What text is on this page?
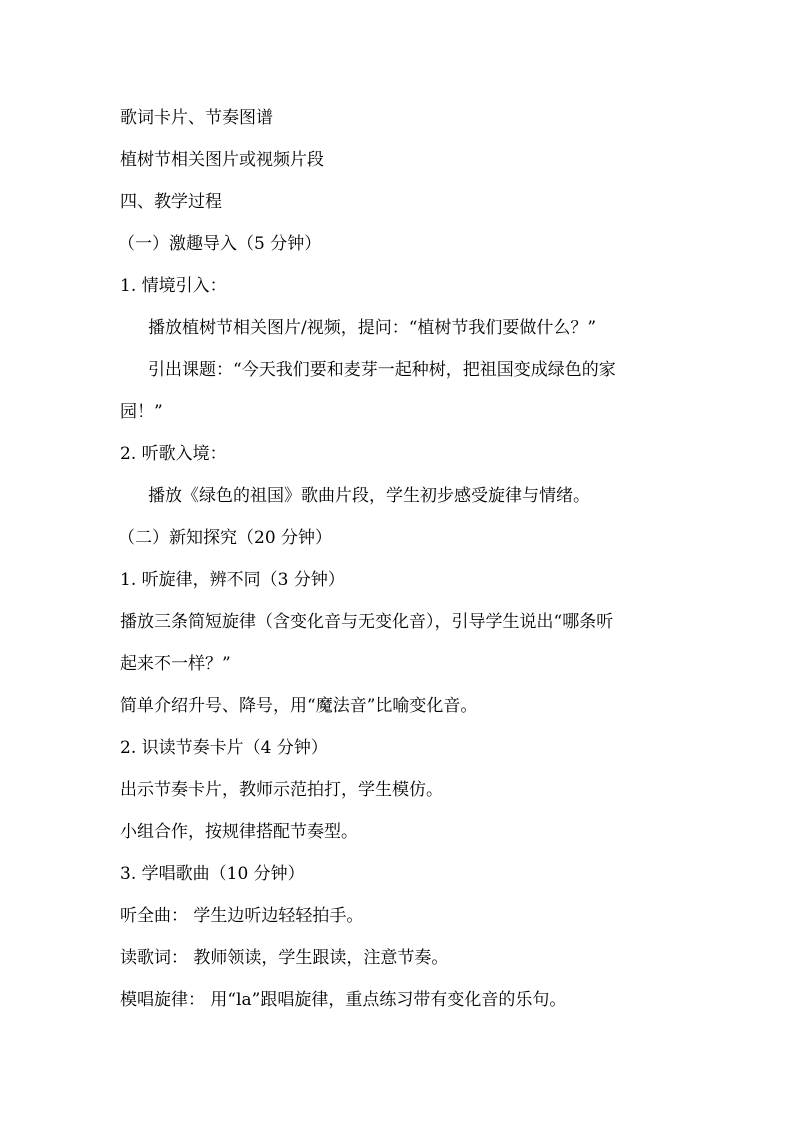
歌词卡片、节奏图谱
植树节相关图片或视频片段
四、教学过程
（一）激趣导入（5 分钟）
1. 情境引入：
播放植树节相关图片/视频，提问：“植树节我们要做什么？”
引出课题：“今天我们要和麦芽一起种树，把祖国变成绿色的家
园！”
2. 听歌入境：
播放《绿色的祖国》歌曲片段，学生初步感受旋律与情绪。
（二）新知探究（20 分钟）
1. 听旋律，辨不同（3 分钟）
播放三条简短旋律（含变化音与无变化音），引导学生说出“哪条听
起来不一样？”
简单介绍升号、降号，用“魔法音”比喻变化音。
2. 识读节奏卡片（4 分钟）
出示节奏卡片，教师示范拍打，学生模仿。
小组合作，按规律搭配节奏型。
3. 学唱歌曲（10 分钟）
听全曲： 学生边听边轻轻拍手。
读歌词： 教师领读，学生跟读，注意节奏。
模唱旋律： 用“la”跟唱旋律，重点练习带有变化音的乐句。
